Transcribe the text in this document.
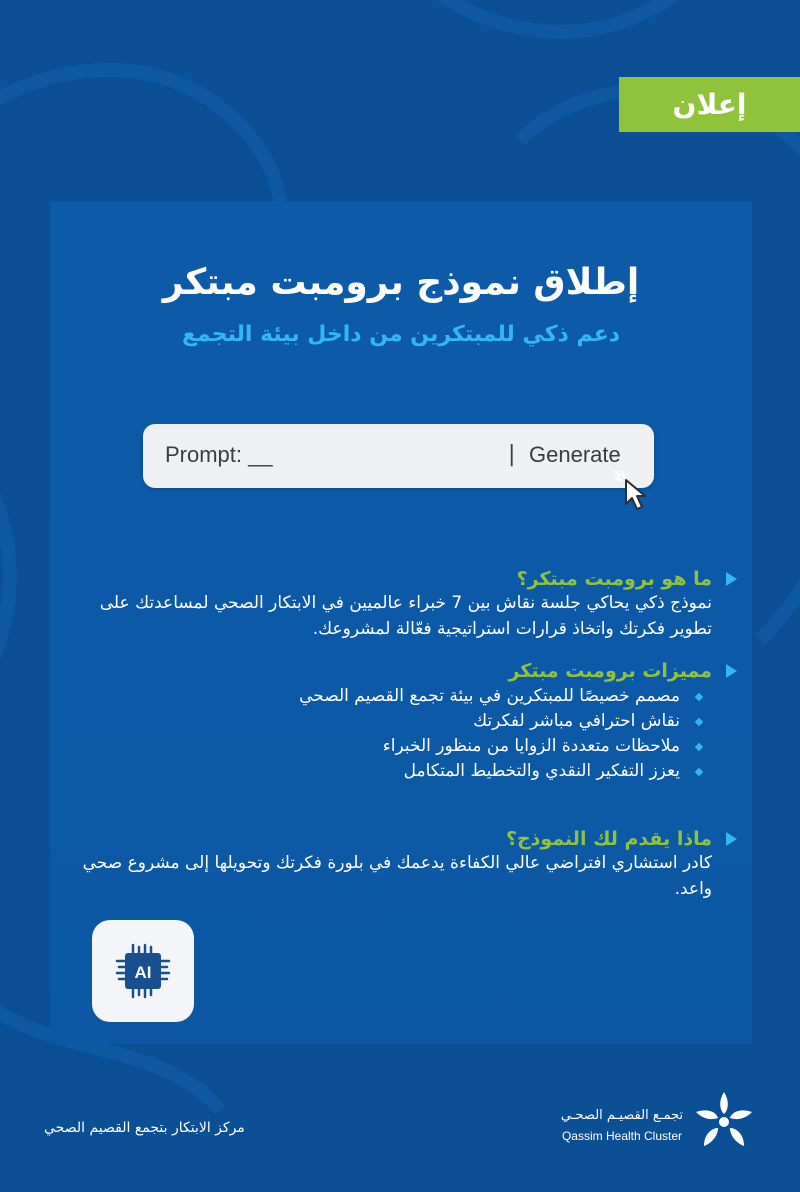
إعلان
إطلاق نموذج برومبت مبتكر
دعم ذكي للمبتكرين من داخل بيئة التجمع
Prompt: __	| Generate
ما هو برومبت مبتكر؟
نموذج ذكي يحاكي جلسة نقاش بين 7 خبراء عالميين في الابتكار الصحي لمساعدتك على تطوير فكرتك واتخاذ قرارات استراتيجية فعّالة لمشروعك.
مميزات برومبت مبتكر
مصمم خصيصًا للمبتكرين في بيئة تجمع القصيم الصحي
نقاش احترافي مباشر لفكرتك
ملاحظات متعددة الزوايا من منظور الخبراء
يعزز التفكير النقدي والتخطيط المتكامل
ماذا يقدم لك النموذج؟
كادر استشاري افتراضي عالي الكفاءة يدعمك في بلورة فكرتك وتحويلها إلى مشروع صحي واعد.
AI
مركز الابتكار بتجمع القصيم الصحي
تجمـع القصيـم الصحـي
Qassim Health Cluster
